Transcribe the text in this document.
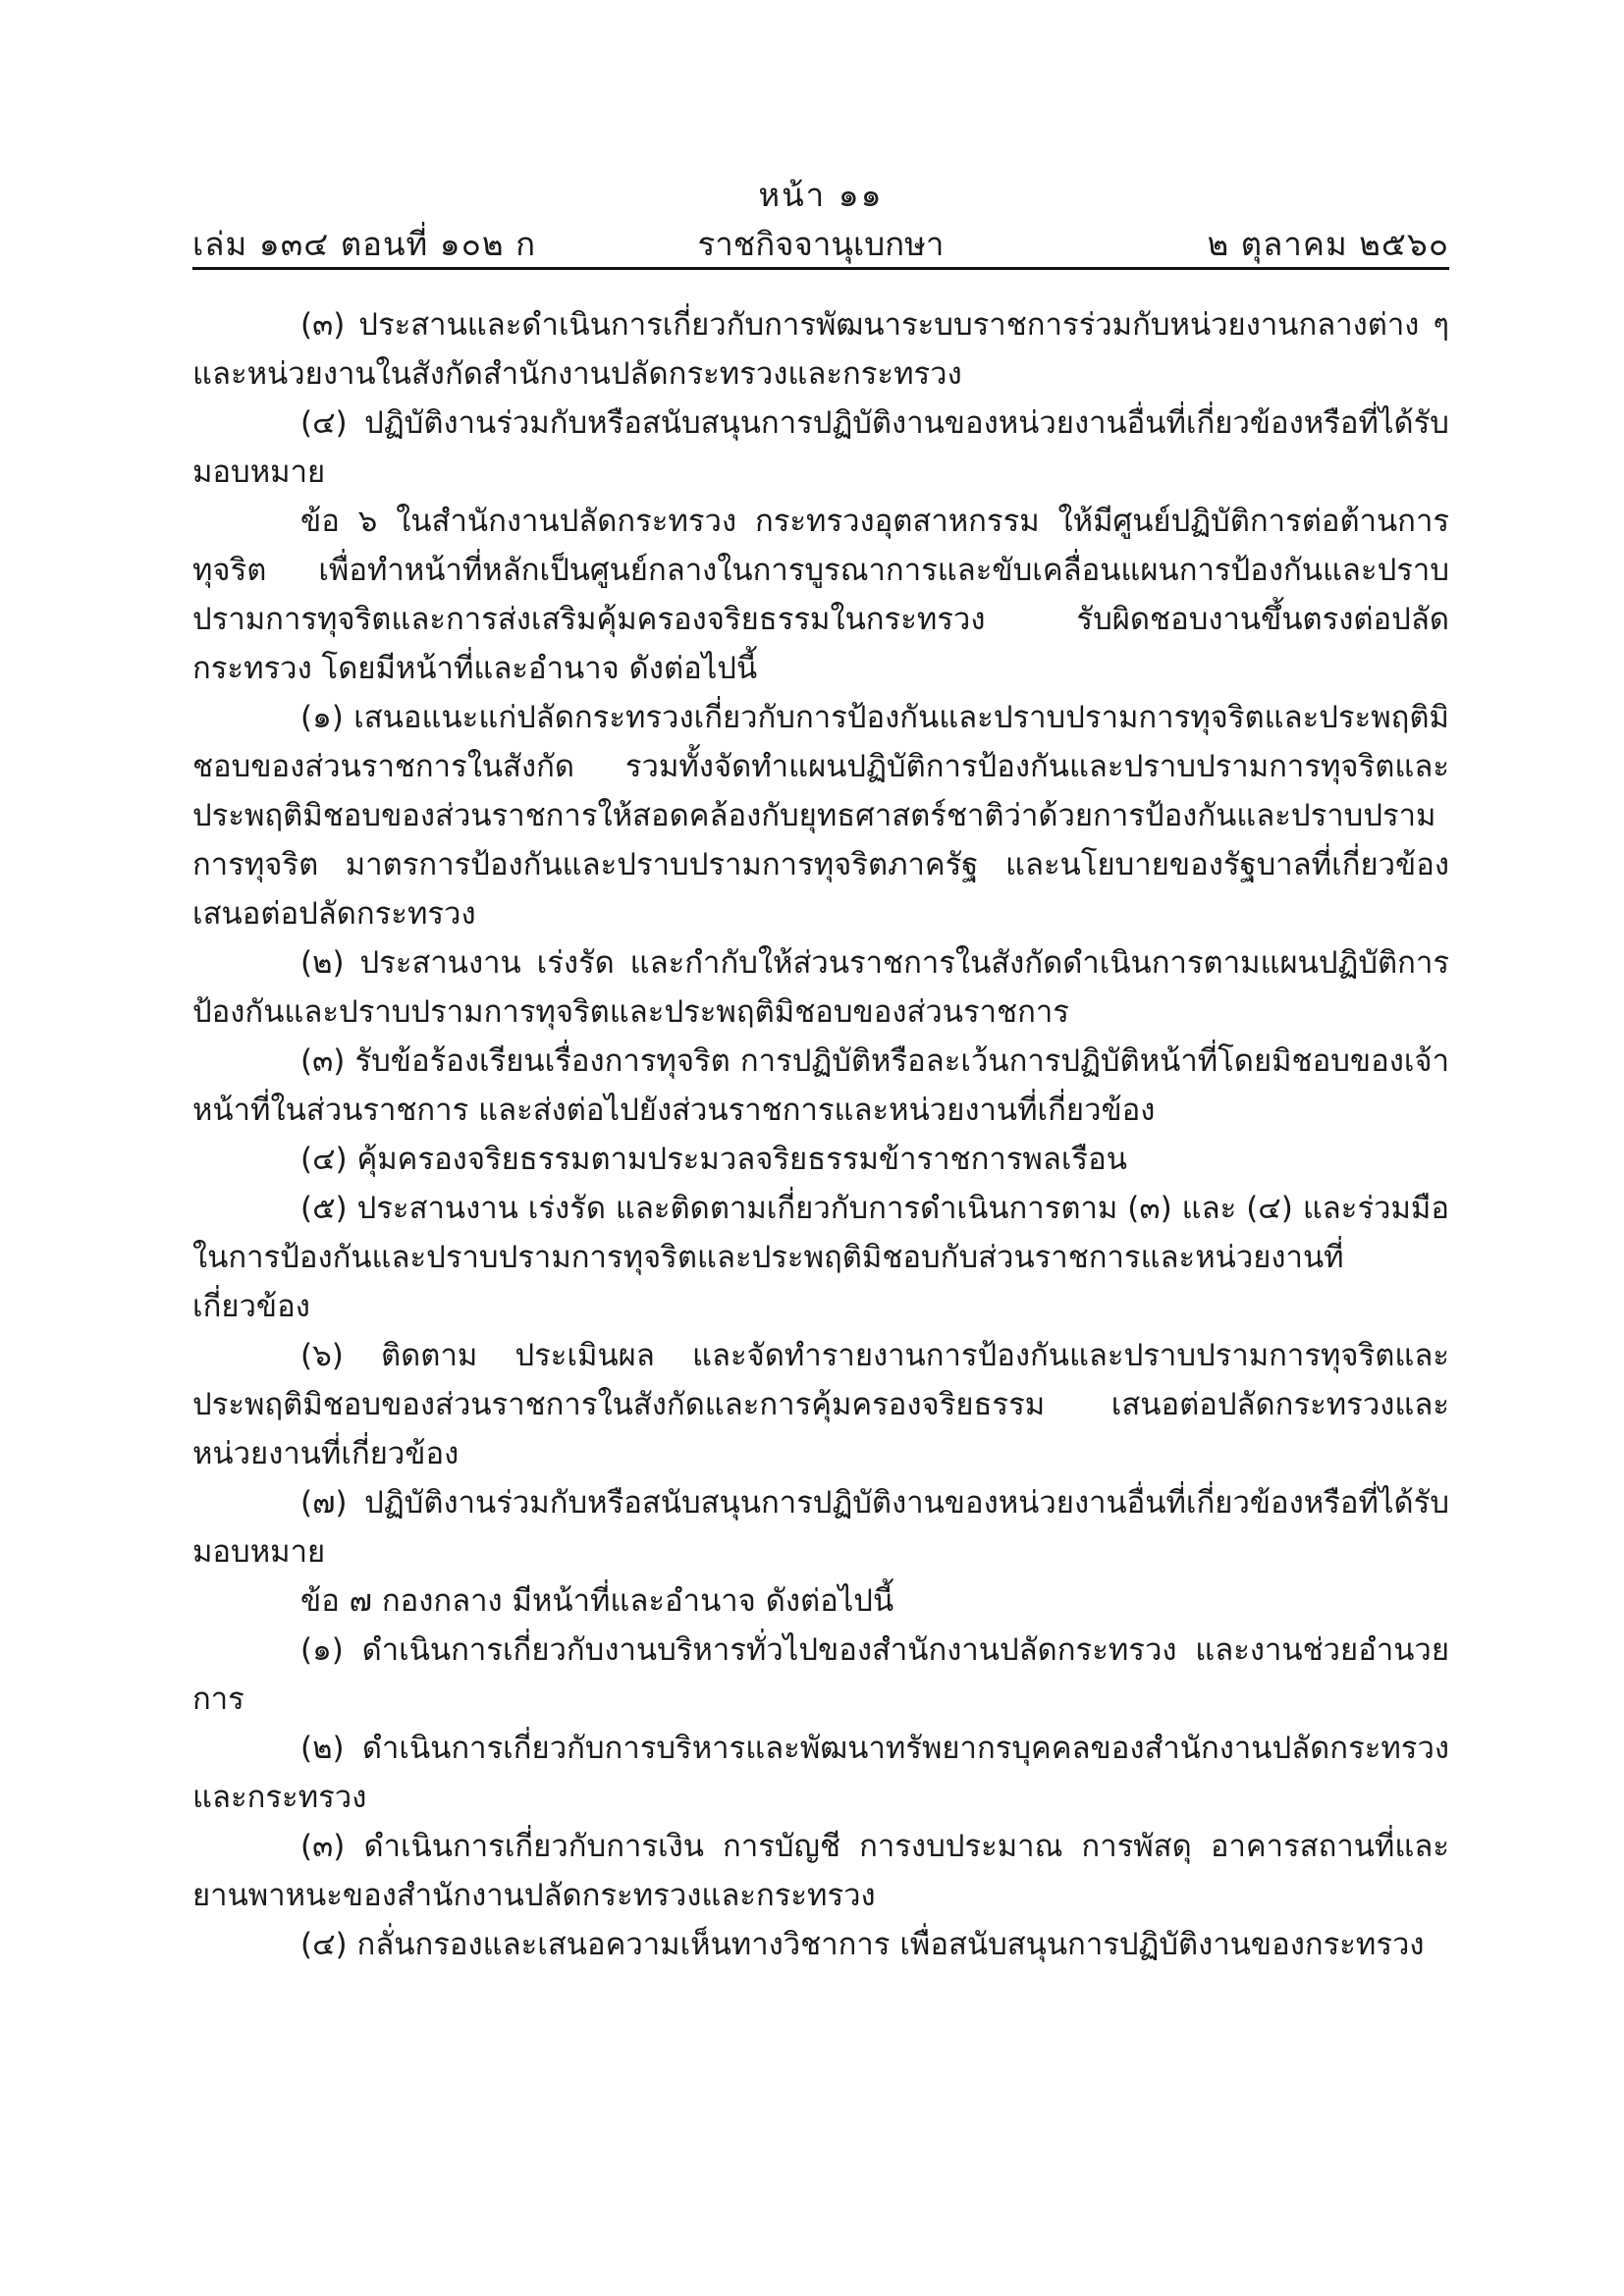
หน้า ๑๑
เล่ม ๑๓๔ ตอนที่ ๑๐๒ ก	ราชกิจจานุเบกษา	๒ ตุลาคม ๒๕๖๐

(๓) ประสานและดำเนินการเกี่ยวกับการพัฒนาระบบราชการร่วมกับหน่วยงานกลางต่าง ๆ และหน่วยงานในสังกัดสำนักงานปลัดกระทรวงและกระทรวง

(๔) ปฏิบัติงานร่วมกับหรือสนับสนุนการปฏิบัติงานของหน่วยงานอื่นที่เกี่ยวข้องหรือที่ได้รับมอบหมาย

ข้อ ๖ ในสำนักงานปลัดกระทรวง กระทรวงอุตสาหกรรม ให้มีศูนย์ปฏิบัติการต่อต้านการทุจริต เพื่อทำหน้าที่หลักเป็นศูนย์กลางในการบูรณาการและขับเคลื่อนแผนการป้องกันและปราบปรามการทุจริตและการส่งเสริมคุ้มครองจริยธรรมในกระทรวง รับผิดชอบงานขึ้นตรงต่อปลัดกระทรวง โดยมีหน้าที่และอำนาจ ดังต่อไปนี้

(๑) เสนอแนะแก่ปลัดกระทรวงเกี่ยวกับการป้องกันและปราบปรามการทุจริตและประพฤติมิชอบของส่วนราชการในสังกัด รวมทั้งจัดทำแผนปฏิบัติการป้องกันและปราบปรามการทุจริตและประพฤติมิชอบของส่วนราชการให้สอดคล้องกับยุทธศาสตร์ชาติว่าด้วยการป้องกันและปราบปรามการทุจริต มาตรการป้องกันและปราบปรามการทุจริตภาครัฐ และนโยบายของรัฐบาลที่เกี่ยวข้องเสนอต่อปลัดกระทรวง

(๒) ประสานงาน เร่งรัด และกำกับให้ส่วนราชการในสังกัดดำเนินการตามแผนปฏิบัติการป้องกันและปราบปรามการทุจริตและประพฤติมิชอบของส่วนราชการ

(๓) รับข้อร้องเรียนเรื่องการทุจริต การปฏิบัติหรือละเว้นการปฏิบัติหน้าที่โดยมิชอบของเจ้าหน้าที่ในส่วนราชการ และส่งต่อไปยังส่วนราชการและหน่วยงานที่เกี่ยวข้อง

(๔) คุ้มครองจริยธรรมตามประมวลจริยธรรมข้าราชการพลเรือน

(๕) ประสานงาน เร่งรัด และติดตามเกี่ยวกับการดำเนินการตาม (๓) และ (๔) และร่วมมือในการป้องกันและปราบปรามการทุจริตและประพฤติมิชอบกับส่วนราชการและหน่วยงานที่เกี่ยวข้อง

(๖) ติดตาม ประเมินผล และจัดทำรายงานการป้องกันและปราบปรามการทุจริตและประพฤติมิชอบของส่วนราชการในสังกัดและการคุ้มครองจริยธรรม เสนอต่อปลัดกระทรวงและหน่วยงานที่เกี่ยวข้อง

(๗) ปฏิบัติงานร่วมกับหรือสนับสนุนการปฏิบัติงานของหน่วยงานอื่นที่เกี่ยวข้องหรือที่ได้รับมอบหมาย

ข้อ ๗ กองกลาง มีหน้าที่และอำนาจ ดังต่อไปนี้

(๑) ดำเนินการเกี่ยวกับงานบริหารทั่วไปของสำนักงานปลัดกระทรวง และงานช่วยอำนวยการ

(๒) ดำเนินการเกี่ยวกับการบริหารและพัฒนาทรัพยากรบุคคลของสำนักงานปลัดกระทรวงและกระทรวง

(๓) ดำเนินการเกี่ยวกับการเงิน การบัญชี การงบประมาณ การพัสดุ อาคารสถานที่และยานพาหนะของสำนักงานปลัดกระทรวงและกระทรวง

(๔) กลั่นกรองและเสนอความเห็นทางวิชาการ เพื่อสนับสนุนการปฏิบัติงานของกระทรวง
